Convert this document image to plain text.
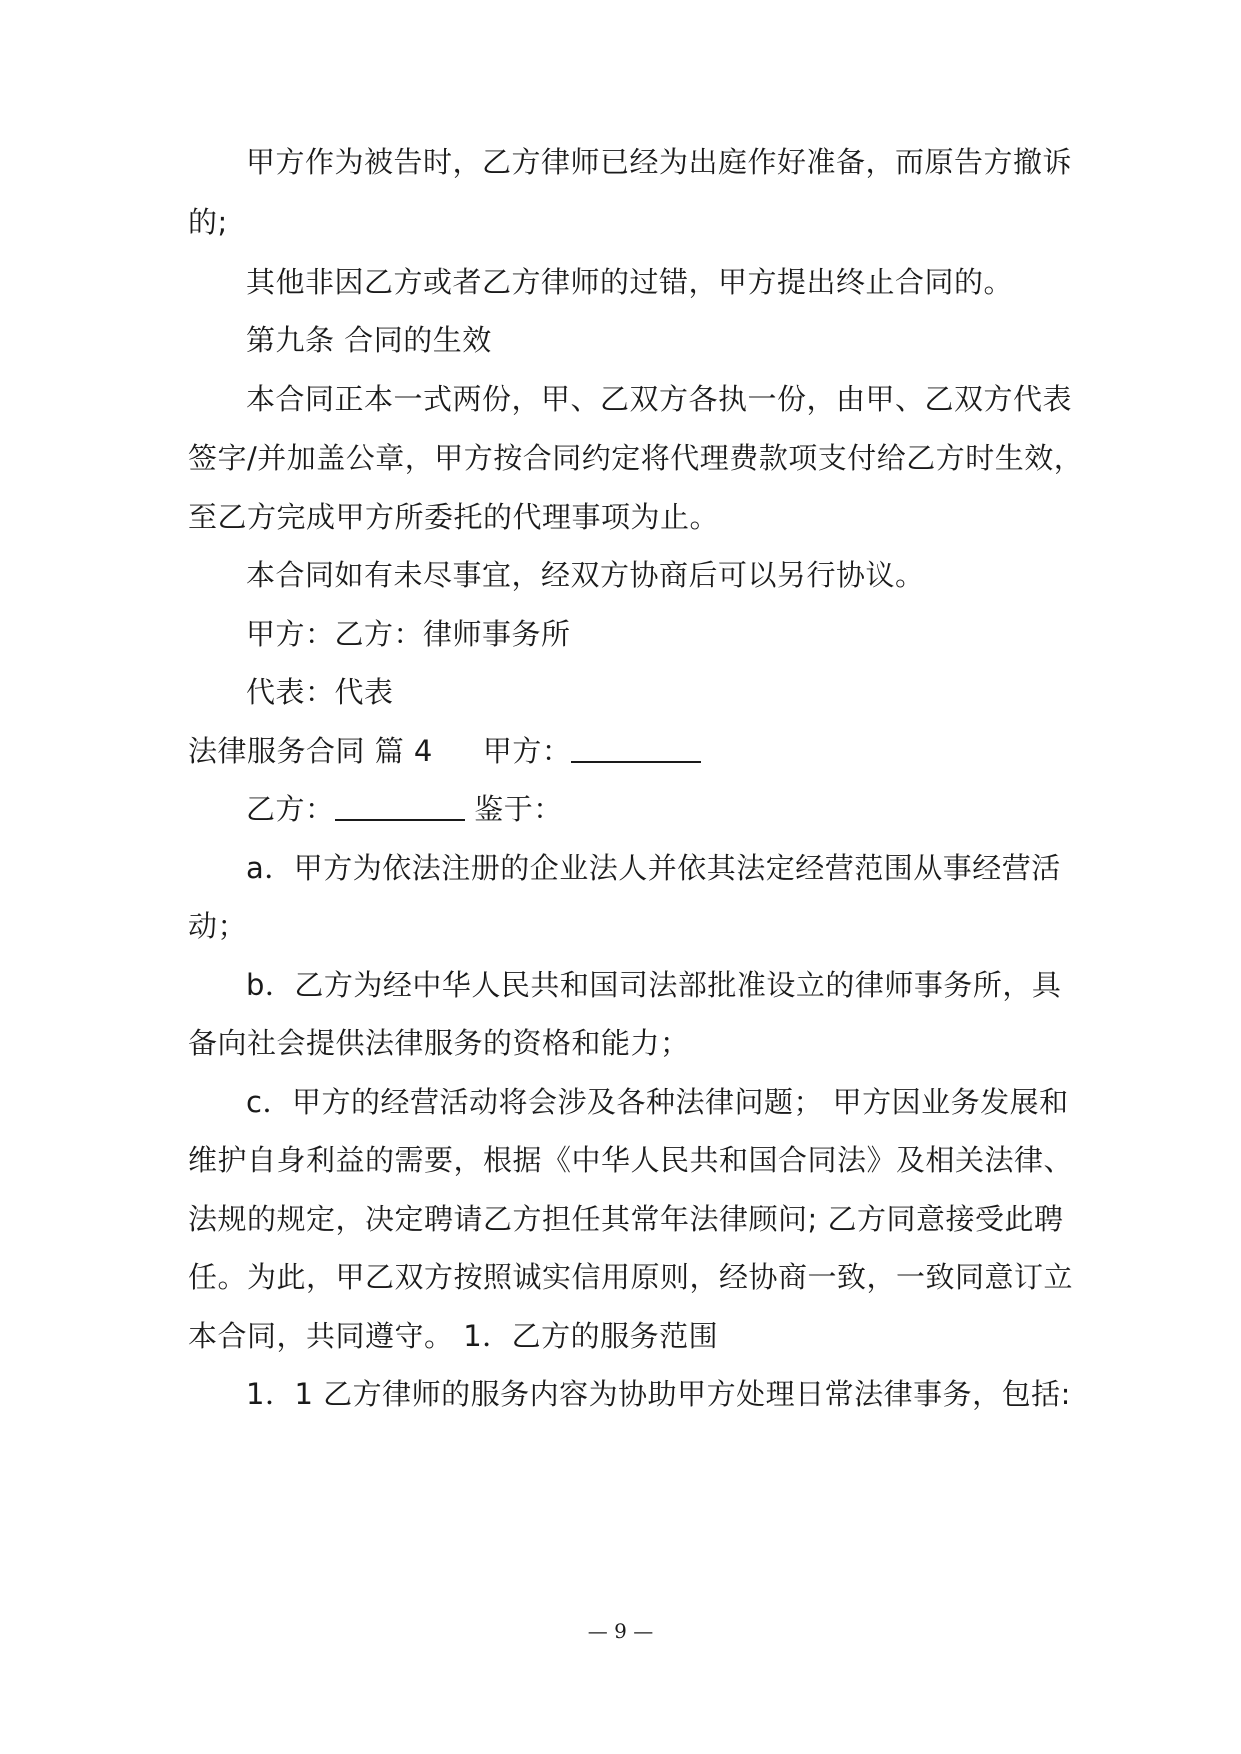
甲方作为被告时，乙方律师已经为出庭作好准备，而原告方撤诉
的;
其他非因乙方或者乙方律师的过错，甲方提出终止合同的。
第九条 合同的生效
本合同正本一式两份，甲、乙双方各执一份，由甲、乙双方代表
签字/并加盖公章，甲方按合同约定将代理费款项支付给乙方时生效，
至乙方完成甲方所委托的代理事项为止。
本合同如有未尽事宜，经双方协商后可以另行协议。
甲方：乙方：律师事务所
代表：代表
法律服务合同 篇 4 甲方：
乙方：	鉴于：
a．甲方为依法注册的企业法人并依其法定经营范围从事经营活
动；
b．乙方为经中华人民共和国司法部批准设立的律师事务所，具
备向社会提供法律服务的资格和能力；
c．甲方的经营活动将会涉及各种法律问题； 甲方因业务发展和
维护自身利益的需要，根据《中华人民共和国合同法》及相关法律、
法规的规定，决定聘请乙方担任其常年法律顾问; 乙方同意接受此聘
任。为此，甲乙双方按照诚实信用原则，经协商一致，一致同意订立
本合同，共同遵守。 1．乙方的服务范围
1．1 乙方律师的服务内容为协助甲方处理日常法律事务，包括:
— 9 —
